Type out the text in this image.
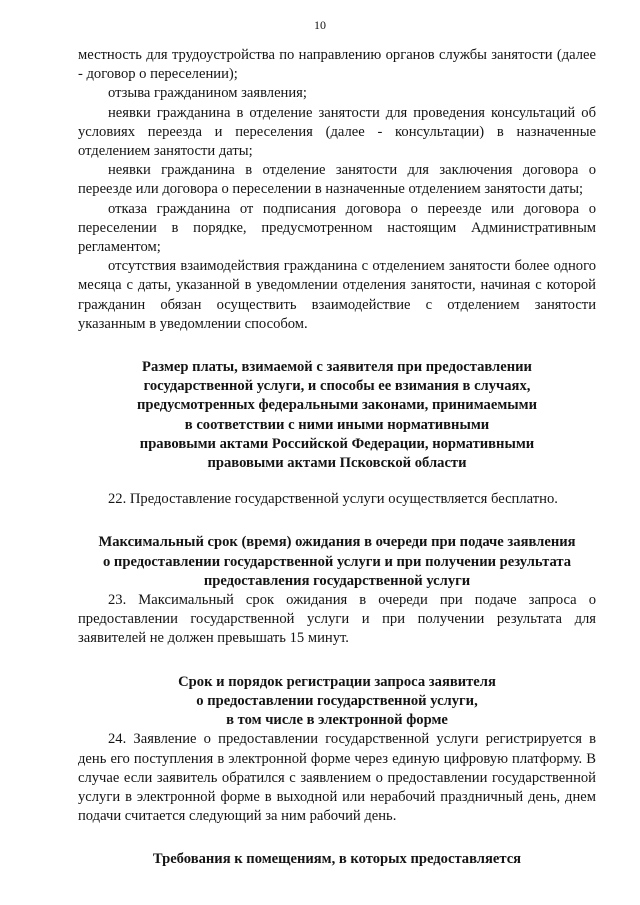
10

местность для трудоустройства по направлению органов службы занятости (далее - договор о переселении);

отзыва гражданином заявления;

неявки гражданина в отделение занятости для проведения консультаций об условиях переезда и переселения (далее - консультации) в назначенные отделением занятости даты;

неявки гражданина в отделение занятости для заключения договора о переезде или договора о переселении в назначенные отделением занятости даты;

отказа гражданина от подписания договора о переезде или договора о переселении в порядке, предусмотренном настоящим Административным регламентом;

отсутствия взаимодействия гражданина с отделением занятости более одного месяца с даты, указанной в уведомлении отделения занятости, начиная с которой гражданин обязан осуществить взаимодействие с отделением занятости указанным в уведомлении способом.

Размер платы, взимаемой с заявителя при предоставлении
государственной услуги, и способы ее взимания в случаях,
предусмотренных федеральными законами, принимаемыми
в соответствии с ними иными нормативными
правовыми актами Российской Федерации, нормативными
правовыми актами Псковской области

22. Предоставление государственной услуги осуществляется бесплатно.

Максимальный срок (время) ожидания в очереди при подаче заявления
о предоставлении государственной услуги и при получении результата
предоставления государственной услуги

23. Максимальный срок ожидания в очереди при подаче запроса о предоставлении государственной услуги и при получении результата для заявителей не должен превышать 15 минут.

Срок и порядок регистрации запроса заявителя
о предоставлении государственной услуги,
в том числе в электронной форме

24. Заявление о предоставлении государственной услуги регистрируется в день его поступления в электронной форме через единую цифровую платформу. В случае если заявитель обратился с заявлением о предоставлении государственной услуги в электронной форме в выходной или нерабочий праздничный день, днем подачи считается следующий за ним рабочий день.

Требования к помещениям, в которых предоставляется
